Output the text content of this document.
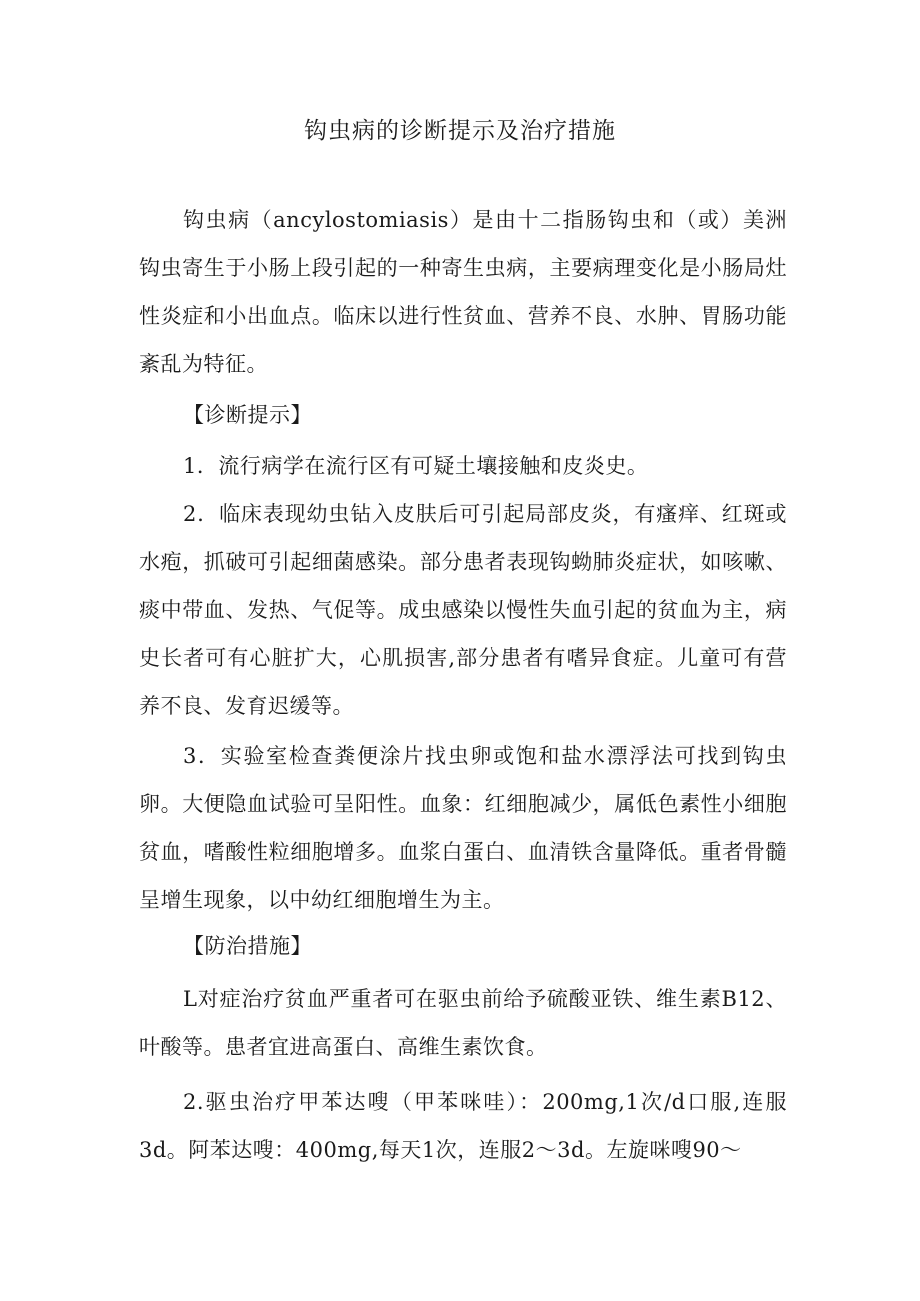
钩虫病的诊断提示及治疗措施

钩虫病（ancylostomiasis）是由十二指肠钩虫和（或）美洲钩虫寄生于小肠上段引起的一种寄生虫病，主要病理变化是小肠局灶性炎症和小出血点。临床以进行性贫血、营养不良、水肿、胃肠功能紊乱为特征。

【诊断提示】

1．流行病学在流行区有可疑土壤接触和皮炎史。

2．临床表现幼虫钻入皮肤后可引起局部皮炎，有瘙痒、红斑或水疱，抓破可引起细菌感染。部分患者表现钩蚴肺炎症状，如咳嗽、痰中带血、发热、气促等。成虫感染以慢性失血引起的贫血为主，病史长者可有心脏扩大，心肌损害,部分患者有嗜异食症。儿童可有营养不良、发育迟缓等。

3．实验室检查粪便涂片找虫卵或饱和盐水漂浮法可找到钩虫卵。大便隐血试验可呈阳性。血象：红细胞减少，属低色素性小细胞贫血，嗜酸性粒细胞增多。血浆白蛋白、血清铁含量降低。重者骨髓呈增生现象，以中幼红细胞增生为主。

【防治措施】

L对症治疗贫血严重者可在驱虫前给予硫酸亚铁、维生素B12、叶酸等。患者宜进高蛋白、高维生素饮食。

2.驱虫治疗甲苯达嗖（甲苯咪哇）：200mg,1次/d口服,连服3d。阿苯达嗖：400mg,每天1次，连服2～3d。左旋咪嗖90～
